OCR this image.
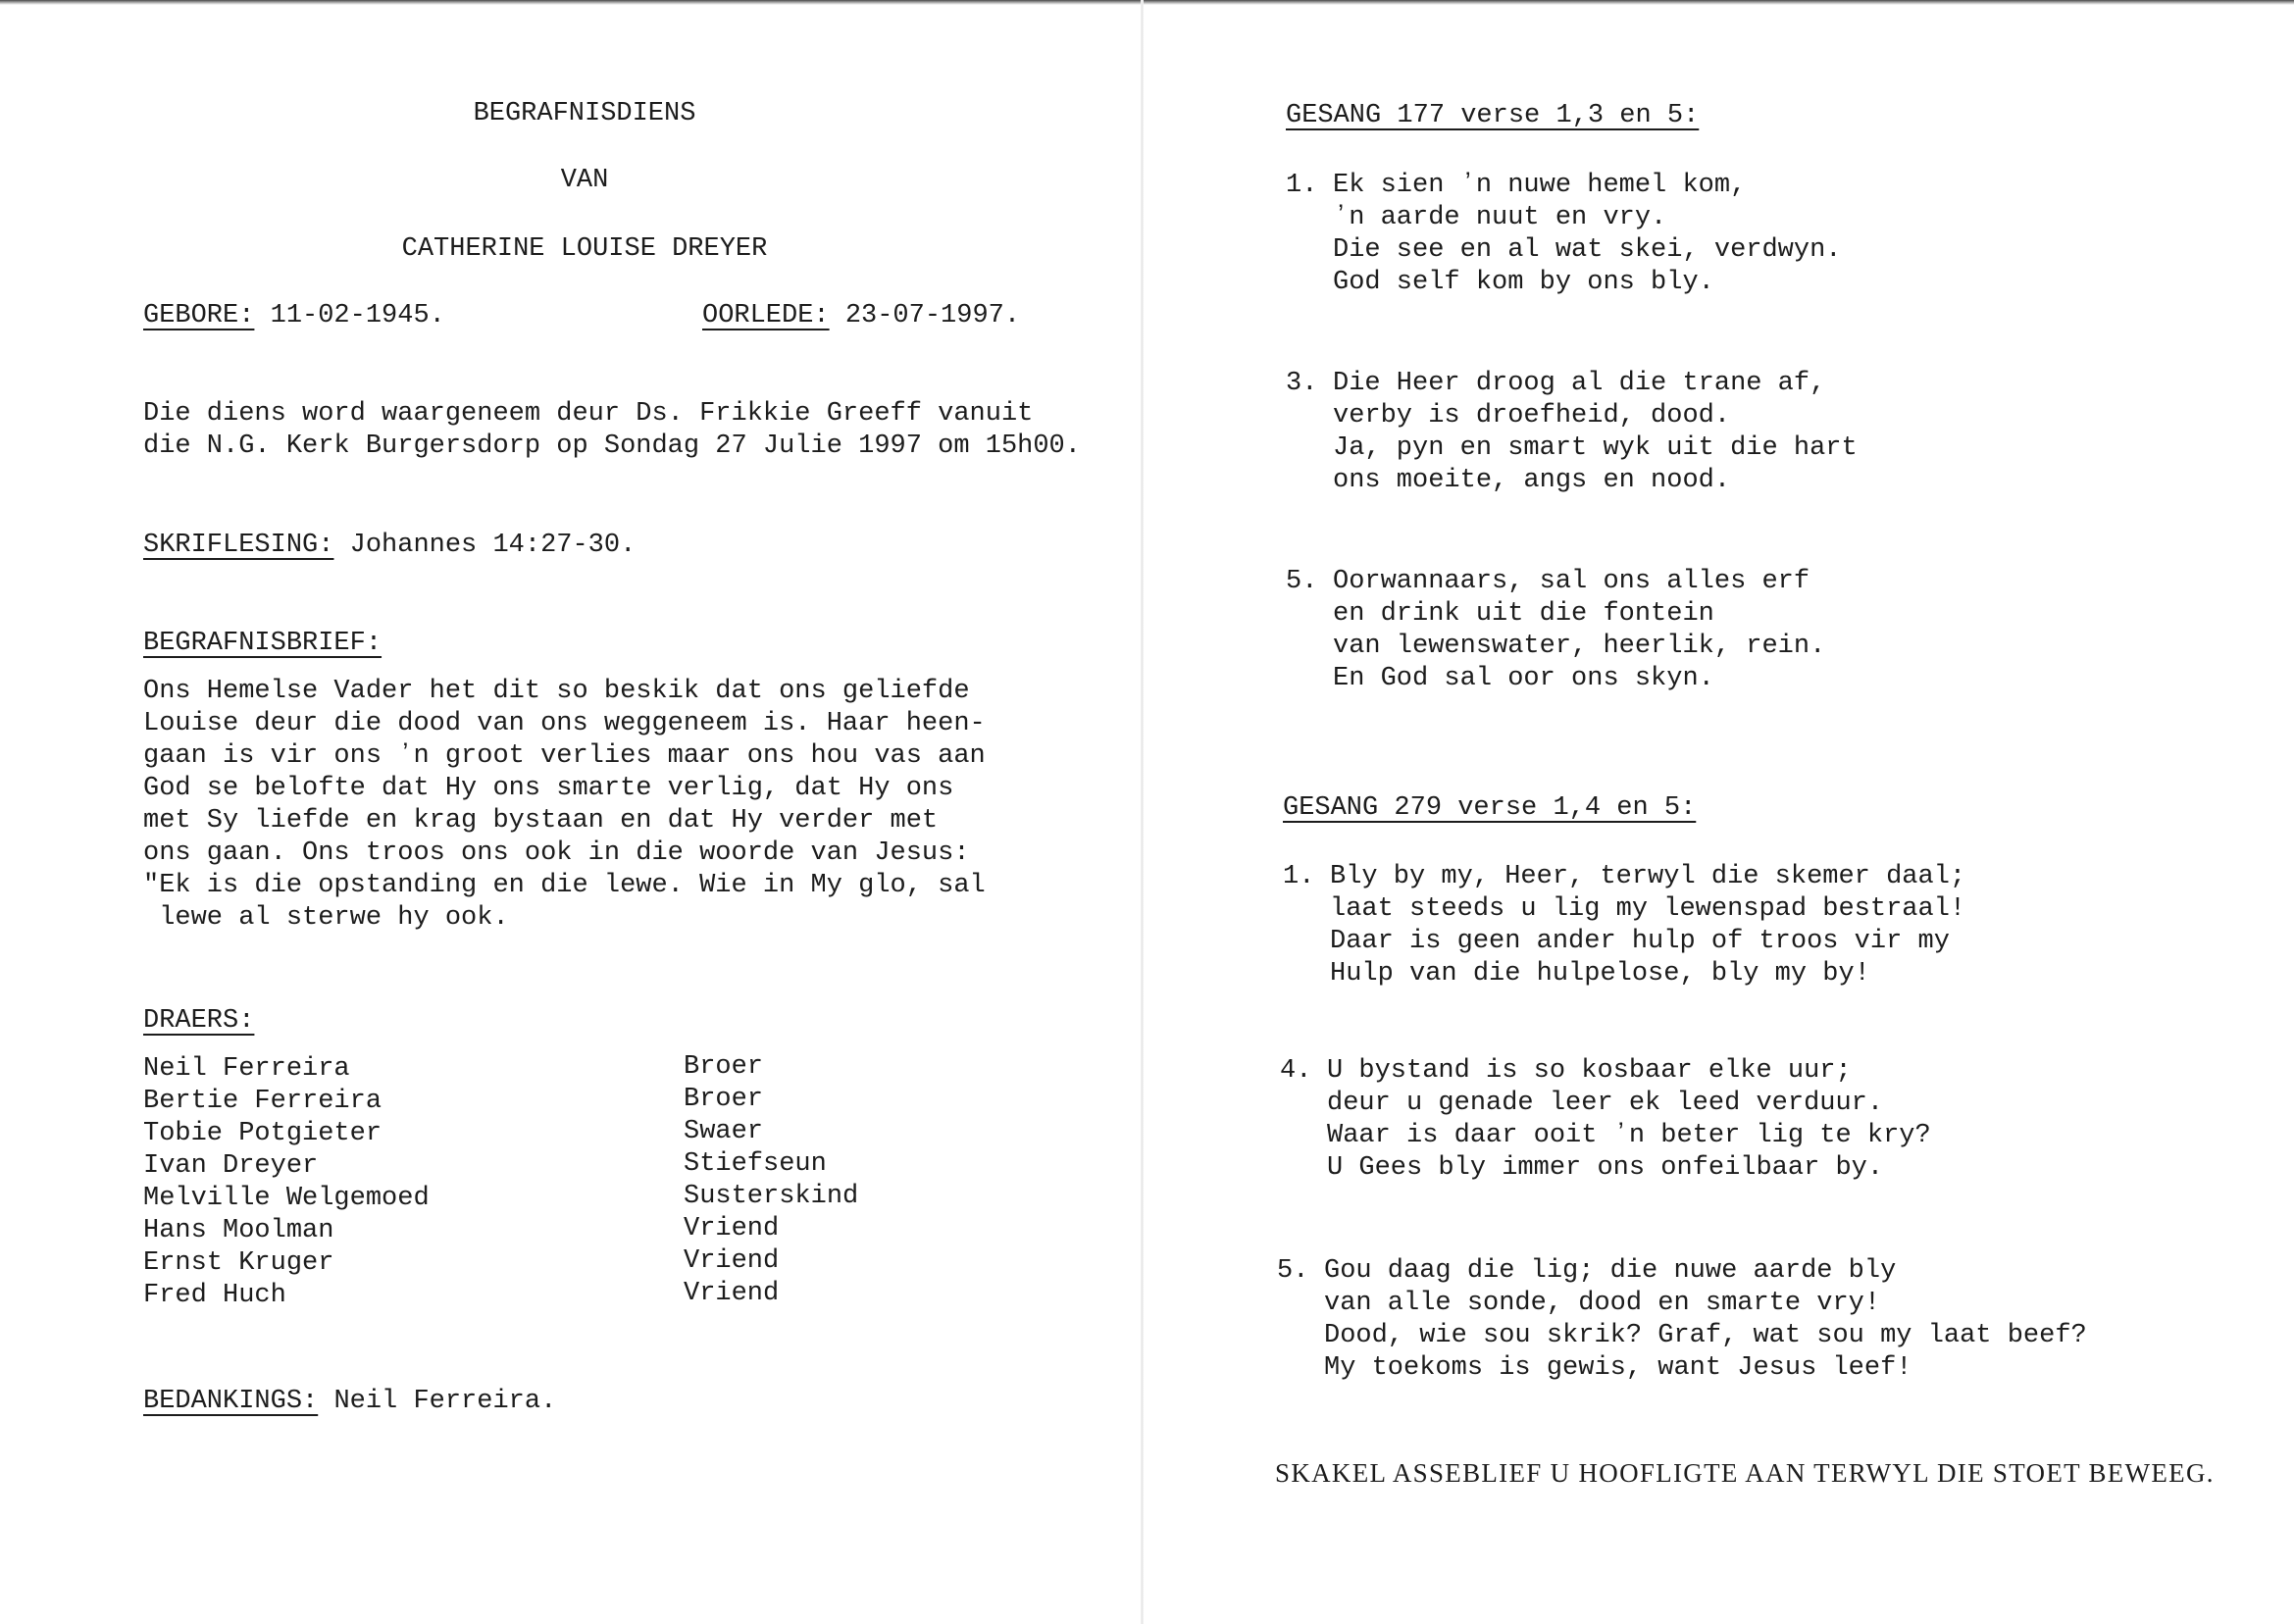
BEGRAFNISDIENS

VAN

CATHERINE LOUISE DREYER

GEBORE: 11-02-1945.

	OORLEDE: 23-07-1997.

Die diens word waargeneem deur Ds. Frikkie Greeff vanuit
die N.G. Kerk Burgersdorp op Sondag 27 Julie 1997 om 15h00.

SKRIFLESING: Johannes 14:27-30.

BEGRAFNISBRIEF:

Ons Hemelse Vader het dit so beskik dat ons geliefde
Louise deur die dood van ons weggeneem is. Haar heen-
gaan is vir ons ʼn groot verlies maar ons hou vas aan
God se belofte dat Hy ons smarte verlig, dat Hy ons
met Sy liefde en krag bystaan en dat Hy verder met
ons gaan. Ons troos ons ook in die woorde van Jesus:
"Ek is die opstanding en die lewe. Wie in My glo, sal
lewe al sterwe hy ook.

DRAERS:

Neil Ferreira
Bertie Ferreira
Tobie Potgieter
Ivan Dreyer
Melville Welgemoed
Hans Moolman
Ernst Kruger
Fred Huch

Broer
Broer
Swaer
Stiefseun
Susterskind
Vriend
Vriend
Vriend

BEDANKINGS: Neil Ferreira.

GESANG 177 verse 1,3 en 5:

1.

Ek sien ʼn nuwe hemel kom,
ʼn aarde nuut en vry.
Die see en al wat skei, verdwyn.
God self kom by ons bly.

3.

Die Heer droog al die trane af,
verby is droefheid, dood.
Ja, pyn en smart wyk uit die hart
ons moeite, angs en nood.

5.

Oorwannaars, sal ons alles erf
en drink uit die fontein
van lewenswater, heerlik, rein.
En God sal oor ons skyn.

GESANG 279 verse 1,4 en 5:

1.

Bly by my, Heer, terwyl die skemer daal;
laat steeds u lig my lewenspad bestraal!
Daar is geen ander hulp of troos vir my
Hulp van die hulpelose, bly my by!

4.

U bystand is so kosbaar elke uur;
deur u genade leer ek leed verduur.
Waar is daar ooit ʼn beter lig te kry?
U Gees bly immer ons onfeilbaar by.

5.

Gou daag die lig; die nuwe aarde bly
van alle sonde, dood en smarte vry!
Dood, wie sou skrik? Graf, wat sou my laat beef?
My toekoms is gewis, want Jesus leef!

SKAKEL ASSEBLIEF U HOOFLIGTE AAN TERWYL DIE STOET BEWEEG.
